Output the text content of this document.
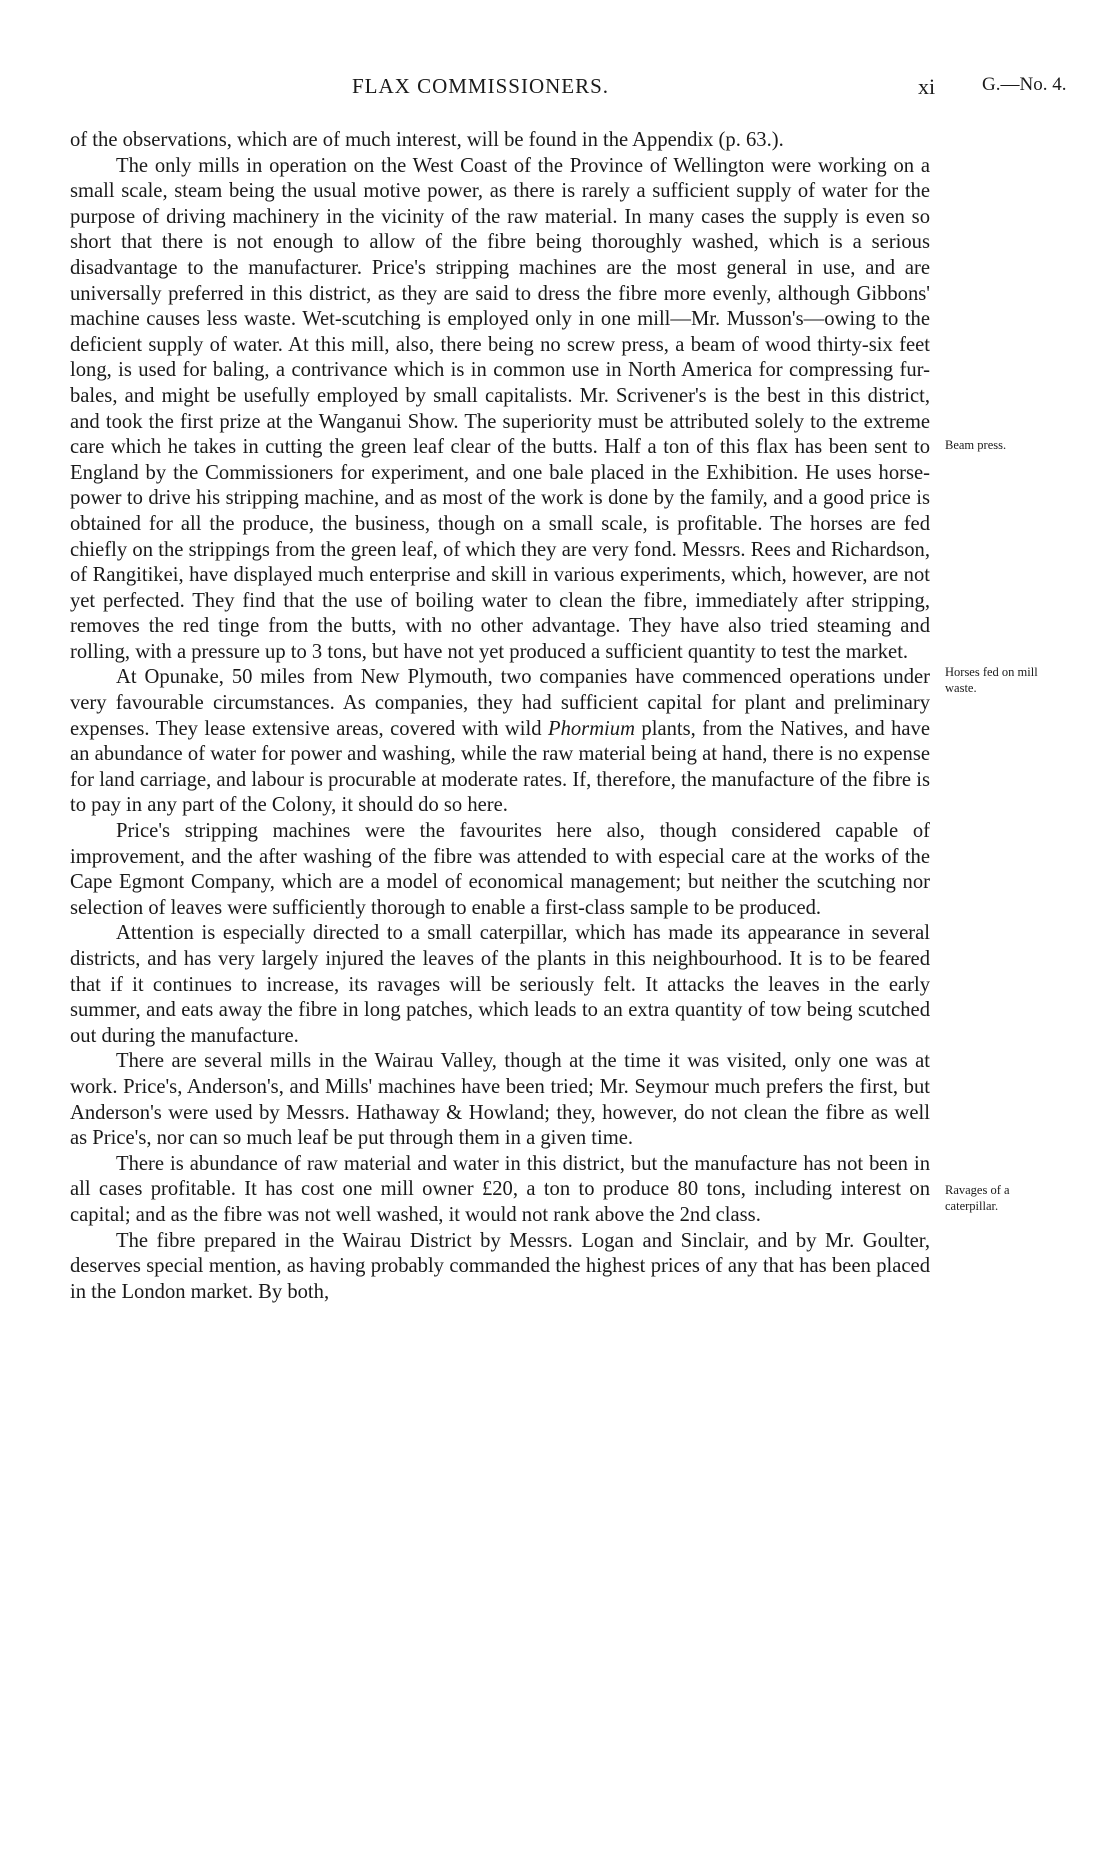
FLAX COMMISSIONERS.	xi G.—No. 4.

of the observations, which are of much interest, will be found in the Appendix (p. 63.).

The only mills in operation on the West Coast of the Province of Wellington were working on a small scale, steam being the usual motive power, as there is rarely a sufficient supply of water for the purpose of driving machinery in the vicinity of the raw material. In many cases the supply is even so short that there is not enough to allow of the fibre being thoroughly washed, which is a serious disadvantage to the manufacturer. Price's stripping machines are the most general in use, and are universally preferred in this district, as they are said to dress the fibre more evenly, although Gibbons' machine causes less waste. Wet-scutching is employed only in one mill—Mr. Musson's—owing to the deficient supply of water. At this mill, also, there being no screw press, a beam of wood thirty-six feet long, is used for baling, a contrivance which is in common use in North America for compressing fur-bales, and might be usefully employed by small capitalists. Mr. Scrivener's is the best in this district, and took the first prize at the Wanganui Show. The superiority must be attributed solely to the extreme care which he takes in cutting the green leaf clear of the butts. Half a ton of this flax has been sent to England by the Commissioners for experiment, and one bale placed in the Exhibition. He uses horse-power to drive his stripping machine, and as most of the work is done by the family, and a good price is obtained for all the produce, the business, though on a small scale, is profitable. The horses are fed chiefly on the strippings from the green leaf, of which they are very fond. Messrs. Rees and Richardson, of Rangitikei, have displayed much enterprise and skill in various experiments, which, however, are not yet perfected. They find that the use of boiling water to clean the fibre, immediately after stripping, removes the red tinge from the butts, with no other advantage. They have also tried steaming and rolling, with a pressure up to 3 tons, but have not yet produced a sufficient quantity to test the market.

At Opunake, 50 miles from New Plymouth, two companies have commenced operations under very favourable circumstances. As companies, they had sufficient capital for plant and preliminary expenses. They lease extensive areas, covered with wild Phormium plants, from the Natives, and have an abundance of water for power and washing, while the raw material being at hand, there is no expense for land carriage, and labour is procurable at moderate rates. If, therefore, the manufacture of the fibre is to pay in any part of the Colony, it should do so here.

Price's stripping machines were the favourites here also, though considered capable of improvement, and the after washing of the fibre was attended to with especial care at the works of the Cape Egmont Company, which are a model of economical management; but neither the scutching nor selection of leaves were sufficiently thorough to enable a first-class sample to be produced.

Attention is especially directed to a small caterpillar, which has made its appearance in several districts, and has very largely injured the leaves of the plants in this neighbourhood. It is to be feared that if it continues to increase, its ravages will be seriously felt. It attacks the leaves in the early summer, and eats away the fibre in long patches, which leads to an extra quantity of tow being scutched out during the manufacture.

There are several mills in the Wairau Valley, though at the time it was visited, only one was at work. Price's, Anderson's, and Mills' machines have been tried; Mr. Seymour much prefers the first, but Anderson's were used by Messrs. Hathaway & Howland; they, however, do not clean the fibre as well as Price's, nor can so much leaf be put through them in a given time.

There is abundance of raw material and water in this district, but the manufacture has not been in all cases profitable. It has cost one mill owner £20, a ton to produce 80 tons, including interest on capital; and as the fibre was not well washed, it would not rank above the 2nd class.

The fibre prepared in the Wairau District by Messrs. Logan and Sinclair, and by Mr. Goulter, deserves special mention, as having probably commanded the highest prices of any that has been placed in the London market. By both,

Beam press.
Horses fed on mill waste.
Ravages of a caterpillar.
